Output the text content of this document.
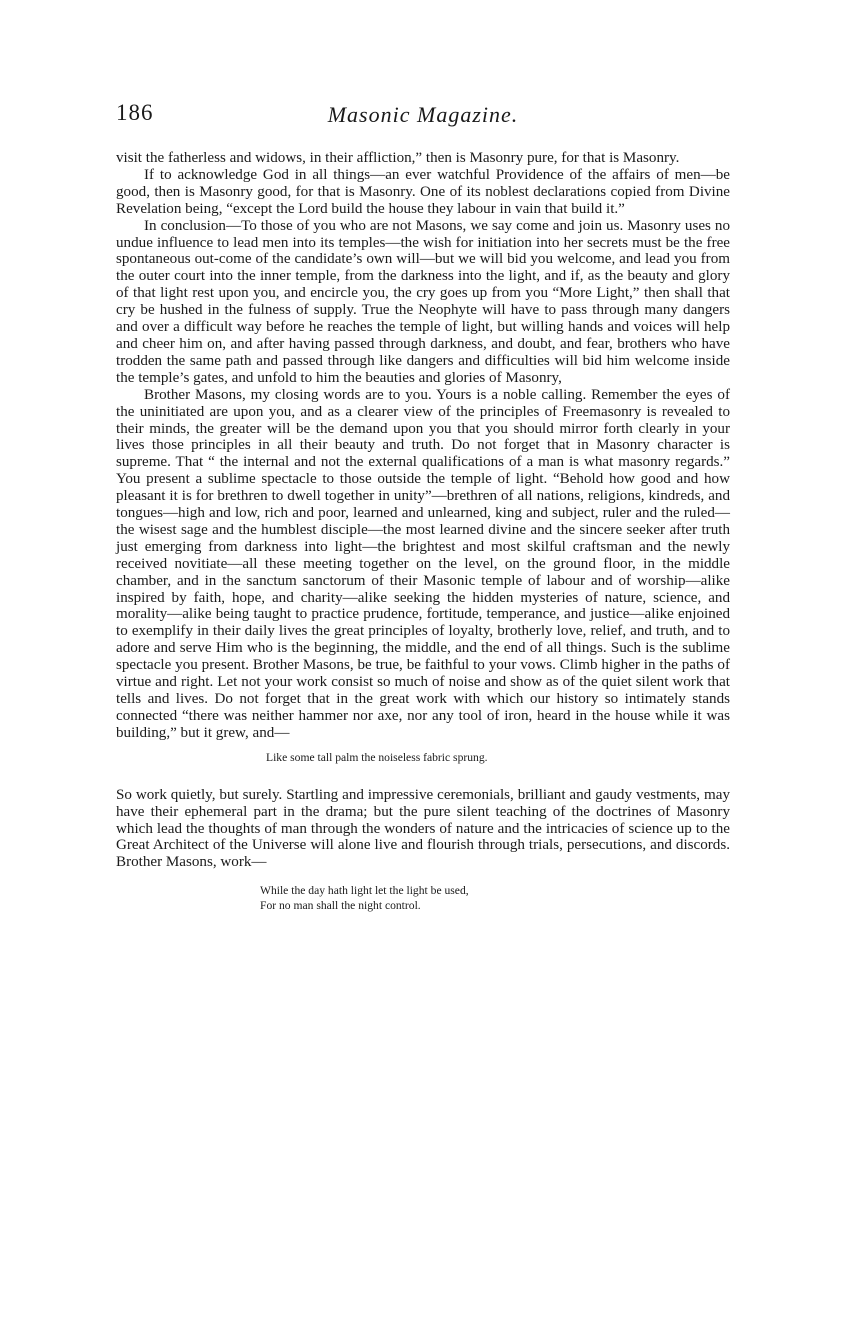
186	Masonic Magazine.

visit the fatherless and widows, in their affliction,” then is Masonry pure, for that is Masonry.

If to acknowledge God in all things—an ever watchful Providence of the affairs of men—be good, then is Masonry good, for that is Masonry. One of its noblest declarations copied from Divine Revelation being, “except the Lord build the house they labour in vain that build it.”

In conclusion—To those of you who are not Masons, we say come and join us. Masonry uses no undue influence to lead men into its temples—the wish for initiation into her secrets must be the free spontaneous out-come of the candidate’s own will—but we will bid you welcome, and lead you from the outer court into the inner temple, from the darkness into the light, and if, as the beauty and glory of that light rest upon you, and encircle you, the cry goes up from you “More Light,” then shall that cry be hushed in the fulness of supply. True the Neophyte will have to pass through many dangers and over a difficult way before he reaches the temple of light, but willing hands and voices will help and cheer him on, and after having passed through darkness, and doubt, and fear, brothers who have trodden the same path and passed through like dangers and difficulties will bid him welcome inside the temple’s gates, and unfold to him the beauties and glories of Masonry,

Brother Masons, my closing words are to you. Yours is a noble calling. Remember the eyes of the uninitiated are upon you, and as a clearer view of the principles of Freemasonry is revealed to their minds, the greater will be the demand upon you that you should mirror forth clearly in your lives those principles in all their beauty and truth. Do not forget that in Masonry character is supreme. That “ the internal and not the external qualifications of a man is what masonry regards.” You present a sublime spectacle to those outside the temple of light. “Behold how good and how pleasant it is for brethren to dwell together in unity”—brethren of all nations, religions, kindreds, and tongues—high and low, rich and poor, learned and unlearned, king and subject, ruler and the ruled—the wisest sage and the humblest disciple—the most learned divine and the sincere seeker after truth just emerging from darkness into light—the brightest and most skilful craftsman and the newly received novitiate—all these meeting together on the level, on the ground floor, in the middle chamber, and in the sanctum sanctorum of their Masonic temple of labour and of worship—alike inspired by faith, hope, and charity—alike seeking the hidden mysteries of nature, science, and morality—alike being taught to practice prudence, fortitude, temperance, and justice—alike enjoined to exemplify in their daily lives the great principles of loyalty, brotherly love, relief, and truth, and to adore and serve Him who is the beginning, the middle, and the end of all things. Such is the sublime spectacle you present. Brother Masons, be true, be faithful to your vows. Climb higher in the paths of virtue and right. Let not your work consist so much of noise and show as of the quiet silent work that tells and lives. Do not forget that in the great work with which our history so intimately stands connected “there was neither hammer nor axe, nor any tool of iron, heard in the house while it was building,” but it grew, and—

Like some tall palm the noiseless fabric sprung.

So work quietly, but surely. Startling and impressive ceremonials, brilliant and gaudy vestments, may have their ephemeral part in the drama; but the pure silent teaching of the doctrines of Masonry which lead the thoughts of man through the wonders of nature and the intricacies of science up to the Great Architect of the Universe will alone live and flourish through trials, persecutions, and discords. Brother Masons, work—

While the day hath light let the light be used,
For no man shall the night control.
